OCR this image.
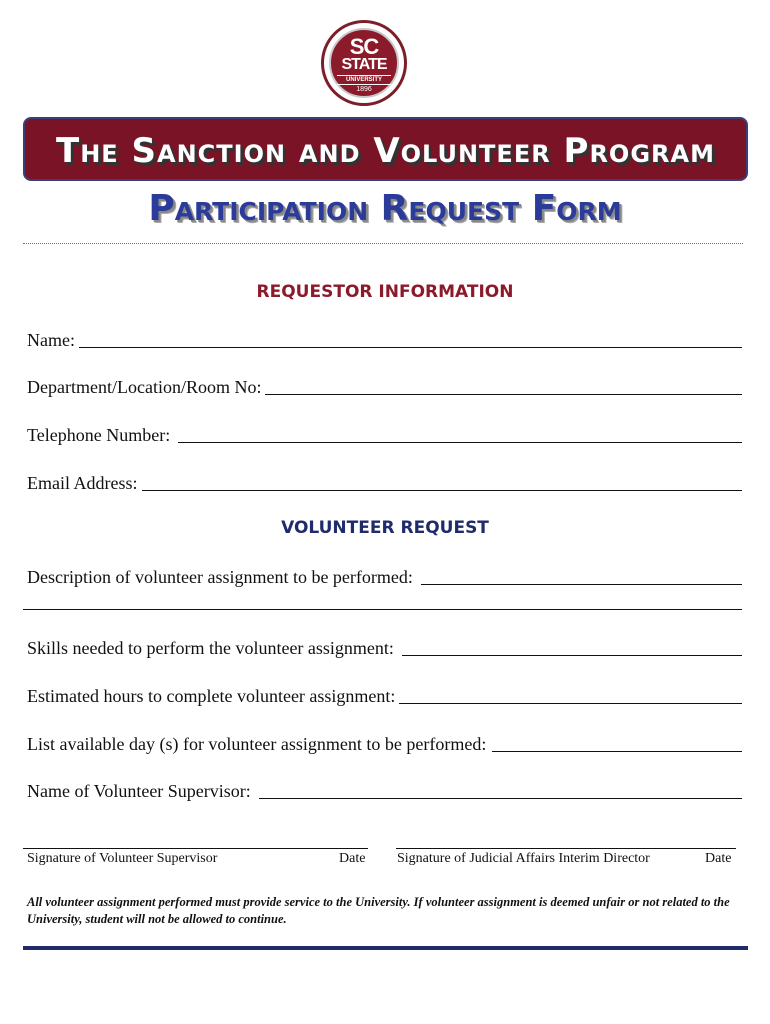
SC
STATE
UNIVERSITY
1896
The Sanction and Volunteer Program
Participation Request Form
REQUESTOR INFORMATION
Name:
Department/Location/Room No:
Telephone Number:
Email Address:
VOLUNTEER REQUEST
Description of volunteer assignment to be performed:
Skills needed to perform the volunteer assignment:
Estimated hours to complete volunteer assignment:
List available day (s) for volunteer assignment to be performed:
Name of Volunteer Supervisor:
Signature of Volunteer Supervisor	Date Signature of Judicial Affairs Interim Director	Date
All volunteer assignment performed must provide service to the University. If volunteer assignment is deemed unfair or not related to the University, student will not be allowed to continue.
